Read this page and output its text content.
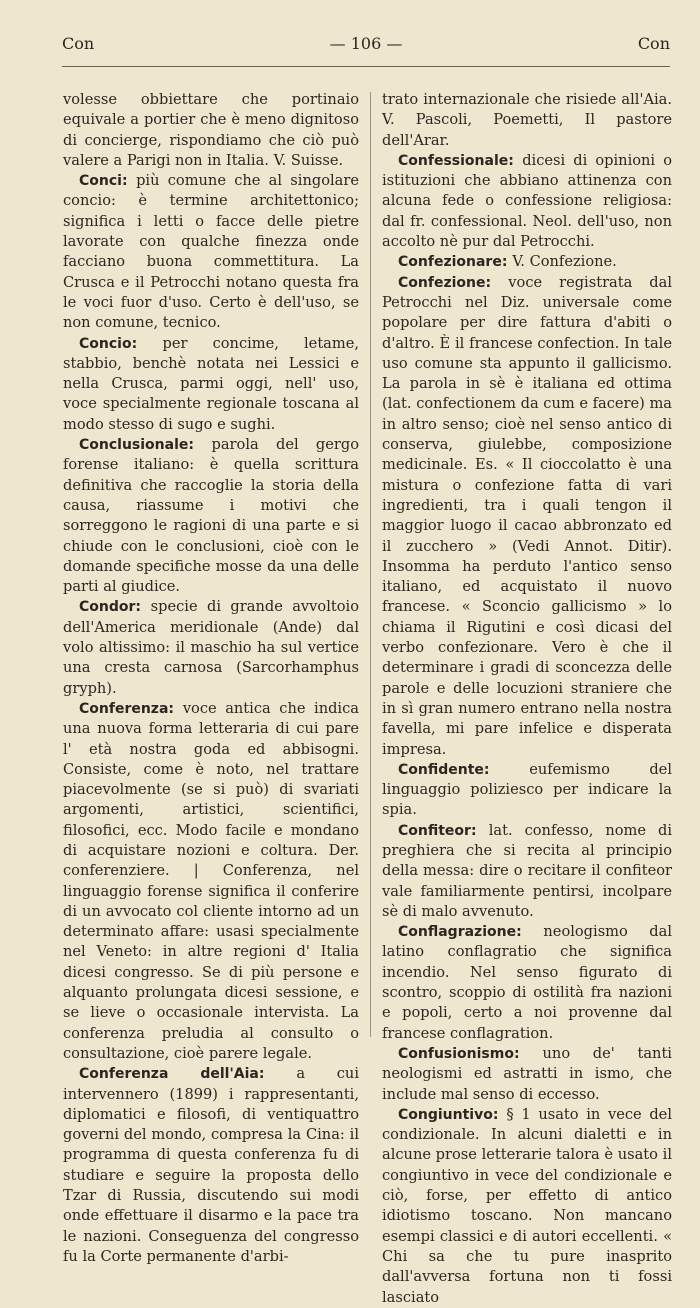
Con	— 106 —	Con

volesse obbiettare che portinaio equivale a portier che è meno dignitoso di concierge, rispondiamo che ciò può valere a Parigi non in Italia. V. Suisse.

Conci: più comune che al singolare concio: è termine architettonico; significa i letti o facce delle pietre lavorate con qualche finezza onde facciano buona commettitura. La Crusca e il Petrocchi notano questa fra le voci fuor d'uso. Certo è dell'uso, se non comune, tecnico.

Concio: per concime, letame, stabbio, benchè notata nei Lessici e nella Crusca, parmi oggi, nell' uso, voce specialmente regionale toscana al modo stesso di sugo e sughi.

Conclusionale: parola del gergo forense italiano: è quella scrittura definitiva che raccoglie la storia della causa, riassume i motivi che sorreggono le ragioni di una parte e si chiude con le conclusioni, cioè con le domande specifiche mosse da una delle parti al giudice.

Condor: specie di grande avvoltoio dell'America meridionale (Ande) dal volo altissimo: il maschio ha sul vertice una cresta carnosa (Sarcorhamphus gryph).

Conferenza: voce antica che indica una nuova forma letteraria di cui pare l' età nostra goda ed abbisogni. Consiste, come è noto, nel trattare piacevolmente (se si può) di svariati argomenti, artistici, scientifici, filosofici, ecc. Modo facile e mondano di acquistare nozioni e coltura. Der. conferenziere. | Conferenza, nel linguaggio forense significa il conferire di un avvocato col cliente intorno ad un determinato affare: usasi specialmente nel Veneto: in altre regioni d' Italia dicesi congresso. Se di più persone e alquanto prolungata dicesi sessione, e se lieve o occasionale intervista. La conferenza preludia al consulto o consultazione, cioè parere legale.

Conferenza dell'Aia: a cui intervennero (1899) i rappresentanti, diplomatici e filosofi, di ventiquattro governi del mondo, compresa la Cina: il programma di questa conferenza fu di studiare e seguire la proposta dello Tzar di Russia, discutendo sui modi onde effettuare il disarmo e la pace tra le nazioni. Conseguenza del congresso fu la Corte permanente d'arbi-

trato internazionale che risiede all'Aia. V. Pascoli, Poemetti, Il pastore dell'Arar.

Confessionale: dicesi di opinioni o istituzioni che abbiano attinenza con alcuna fede o confessione religiosa: dal fr. confessional. Neol. dell'uso, non accolto nè pur dal Petrocchi.

Confezionare: V. Confezione.

Confezione: voce registrata dal Petrocchi nel Diz. universale come popolare per dire fattura d'abiti o d'altro. È il francese confection. In tale uso comune sta appunto il gallicismo. La parola in sè è italiana ed ottima (lat. confectionem da cum e facere) ma in altro senso; cioè nel senso antico di conserva, giulebbe, composizione medicinale. Es. « Il cioccolatto è una mistura o confezione fatta di vari ingredienti, tra i quali tengon il maggior luogo il cacao abbronzato ed il zucchero » (Vedi Annot. Ditir). Insomma ha perduto l'antico senso italiano, ed acquistato il nuovo francese. « Sconcio gallicismo » lo chiama il Rigutini e così dicasi del verbo confezionare. Vero è che il determinare i gradi di sconcezza delle parole e delle locuzioni straniere che in sì gran numero entrano nella nostra favella, mi pare infelice e disperata impresa.

Confidente: eufemismo del linguaggio poliziesco per indicare la spia.

Confiteor: lat. confesso, nome di preghiera che si recita al principio della messa: dire o recitare il confiteor vale familiarmente pentirsi, incolpare sè di malo avvenuto.

Conflagrazione: neologismo dal latino conflagratio che significa incendio. Nel senso figurato di scontro, scoppio di ostilità fra nazioni e popoli, certo a noi provenne dal francese conflagration.

Confusionismo: uno de' tanti neologismi ed astratti in ismo, che include mal senso di eccesso.

Congiuntivo: § 1 usato in vece del condizionale. In alcuni dialetti e in alcune prose letterarie talora è usato il congiuntivo in vece del condizionale e ciò, forse, per effetto di antico idiotismo toscano. Non mancano esempi classici e di autori eccellenti. « Chi sa che tu pure inasprito dall'avversa fortuna non ti fossi lasciato
